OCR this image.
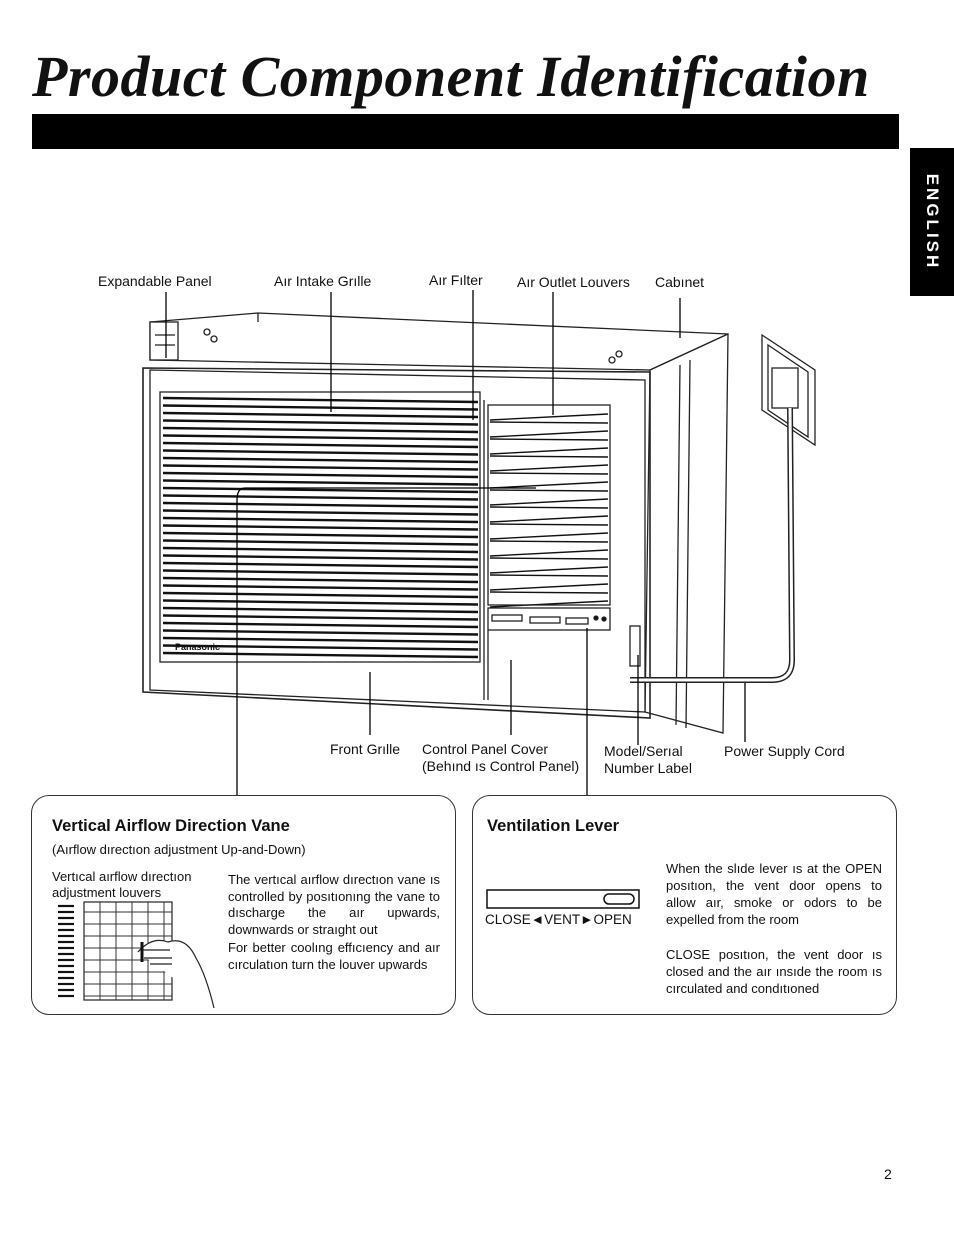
Product Component Identification
ENGLISH
Expandable Panel	Aır Intake Grılle	Aır Fılter Aır Outlet Louvers Cabınet
Panasonic
Front Grılle Control Panel Cover
(Behınd ıs Control Panel)
Model/Serıal
Number Label
Power Supply Cord
Vertical Airflow Direction Vane
(Aırflow dırectıon adjustment Up-and-Down)
Vertıcal aırflow dırectıon
adjustment louvers
The vertıcal aırflow dırectıon vane ıs controlled by posıtıonıng the vane to dıscharge the aır upwards, downwards or straıght out
For better coolıng effıcıency and aır cırculatıon turn the louver upwards
Ventilation Lever
CLOSE◄VENT►OPEN
When the slıde lever ıs at the OPEN posıtıon, the vent door opens to allow aır, smoke or odors to be expelled from the room
CLOSE posıtıon, the vent door ıs closed and the aır ınsıde the room ıs cırculated and condıtıoned
2
